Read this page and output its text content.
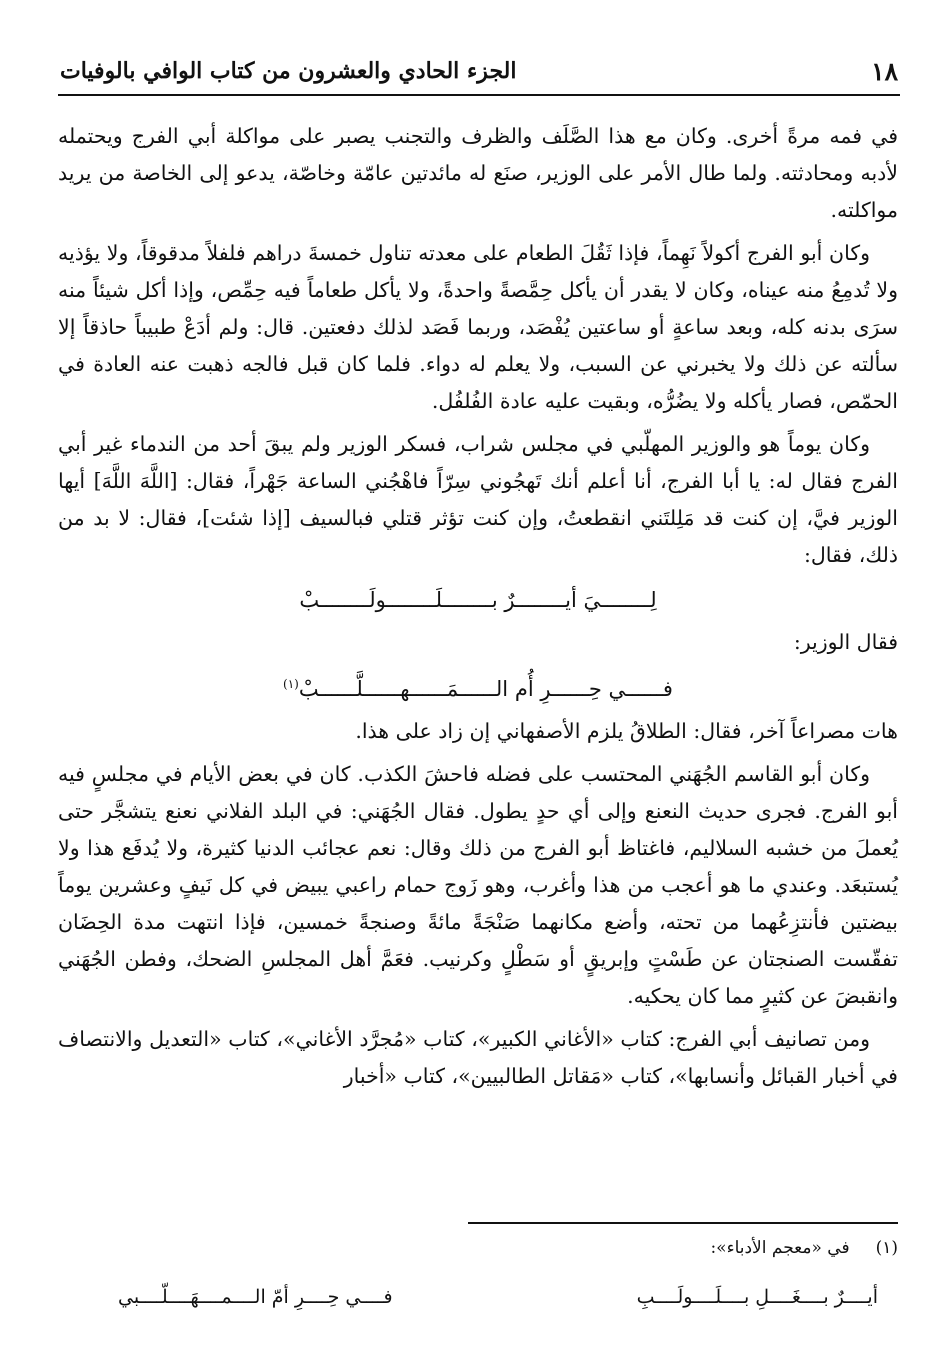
١٨
الجزء الحادي والعشرون من كتاب الوافي بالوفيات

في فمه مرةً أخرى. وكان مع هذا الصَّلَف والظرف والتجنب يصبر على مواكلة أبي الفرج ويحتمله لأدبه ومحادثته. ولما طال الأمر على الوزير، صنَع له مائدتين عامّة وخاصّة، يدعو إلى الخاصة من يريد مواكلته.

وكان أبو الفرج أكولاً نَهِماً، فإذا ثَقُلَ الطعام على معدته تناول خمسةَ دراهم فلفلاً مدقوقاً، ولا يؤذيه ولا تُدمِعُ منه عيناه، وكان لا يقدر أن يأكل حِمَّصةً واحدةً، ولا يأكل طعاماً فيه حِمِّص، وإذا أكل شيئاً منه سرَى بدنه كله، وبعد ساعةٍ أو ساعتين يُفْصَد، وربما فَصَد لذلك دفعتين. قال: ولم أدَعْ طبيباً حاذقاً إلا سألته عن ذلك ولا يخبرني عن السبب، ولا يعلم له دواء. فلما كان قبل فالجه ذهبت عنه العادة في الحمّص، فصار يأكله ولا يضُرُّه، وبقيت عليه عادة الفُلفُل.

وكان يوماً هو والوزير المهلّبي في مجلس شراب، فسكر الوزير ولم يبقَ أحد من الندماء غير أبي الفرج فقال له: يا أبا الفرج، أنا أعلم أنك تَهجُوني سِرّاً فاهْجُني الساعة جَهْراً، فقال: [اللَّهَ اللَّهَ] أيها الوزير فيَّ، إن كنت قد مَلِلتَني انقطعتُ، وإن كنت تؤثر قتلي فبالسيف [إذا شئت]، فقال: لا بد من ذلك، فقال:

لِــــــــيَ أيــــــــرٌ بــــــــلَــــــــولَــــــــبْ

فقال الوزير:

فــــــي حِــــــرِ أُم الــــــمَــــــهــــــلَّــــــبْ$^{(١)}$

هات مصراعاً آخر، فقال: الطلاقُ يلزم الأصفهاني إن زاد على هذا.

وكان أبو القاسم الجُهَني المحتسب على فضله فاحشَ الكذب. كان في بعض الأيام في مجلسٍ فيه أبو الفرج. فجرى حديث النعنع وإلى أي حدٍ يطول. فقال الجُهَني: في البلد الفلاني نعنع يتشجَّر حتى يُعملَ من خشبه السلاليم، فاغتاظ أبو الفرج من ذلك وقال: نعم عجائب الدنيا كثيرة، ولا يُدفَع هذا ولا يُستبعَد. وعندي ما هو أعجب من هذا وأغرب، وهو زَوج حمام راعبي يبيض في كل نَيفٍ وعشرين يوماً بيضتين فأنتزِعُهما من تحته، وأضع مكانهما صَنْجَةً مائةً وصنجةً خمسين، فإذا انتهت مدة الحِضَان تفقّست الصنجتان عن طَسْتٍ وإبريقٍ أو سَطْلٍ وكرنيب. فعَمَّ أهل المجلسِ الضحك، وفطن الجُهَني وانقبضَ عن كثيرٍ مما كان يحكيه.

ومن تصانيف أبي الفرج: كتاب «الأغاني الكبير»، كتاب «مُجرَّد الأغاني»، كتاب «التعديل والانتصاف في أخبار القبائل وأنسابها»، كتاب «مَقاتل الطالبيين»، كتاب «أخبار

(١)
في «معجم الأدباء»:
أيــــرٌ بــــغَــــلِ بــــلَــــولَــــبِ
فــــي حِــــرِ أمّ الــــمــــهَــــلّــــبي
